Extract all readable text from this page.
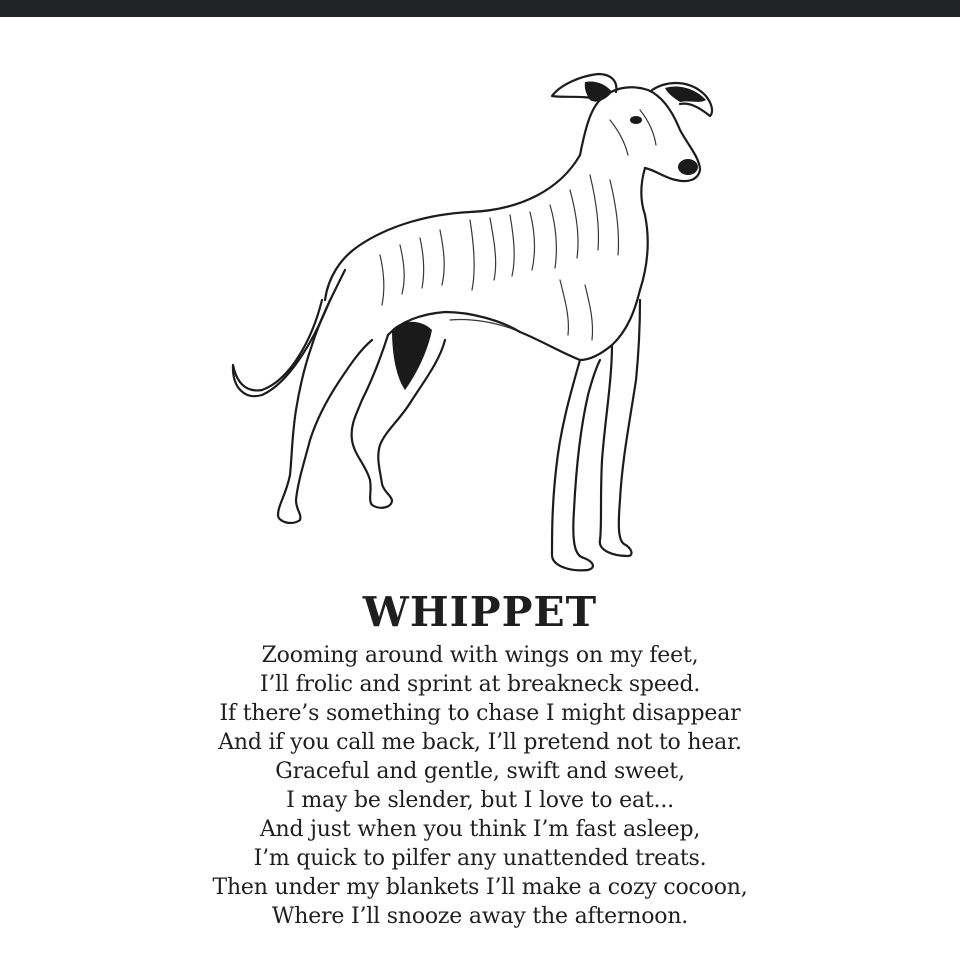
WHIPPET
Zooming around with wings on my feet,
I’ll frolic and sprint at breakneck speed.
If there’s something to chase I might disappear
And if you call me back, I’ll pretend not to hear.
Graceful and gentle, swift and sweet,
I may be slender, but I love to eat...
And just when you think I’m fast asleep,
I’m quick to pilfer any unattended treats.
Then under my blankets I’ll make a cozy cocoon,
Where I’ll snooze away the afternoon.
